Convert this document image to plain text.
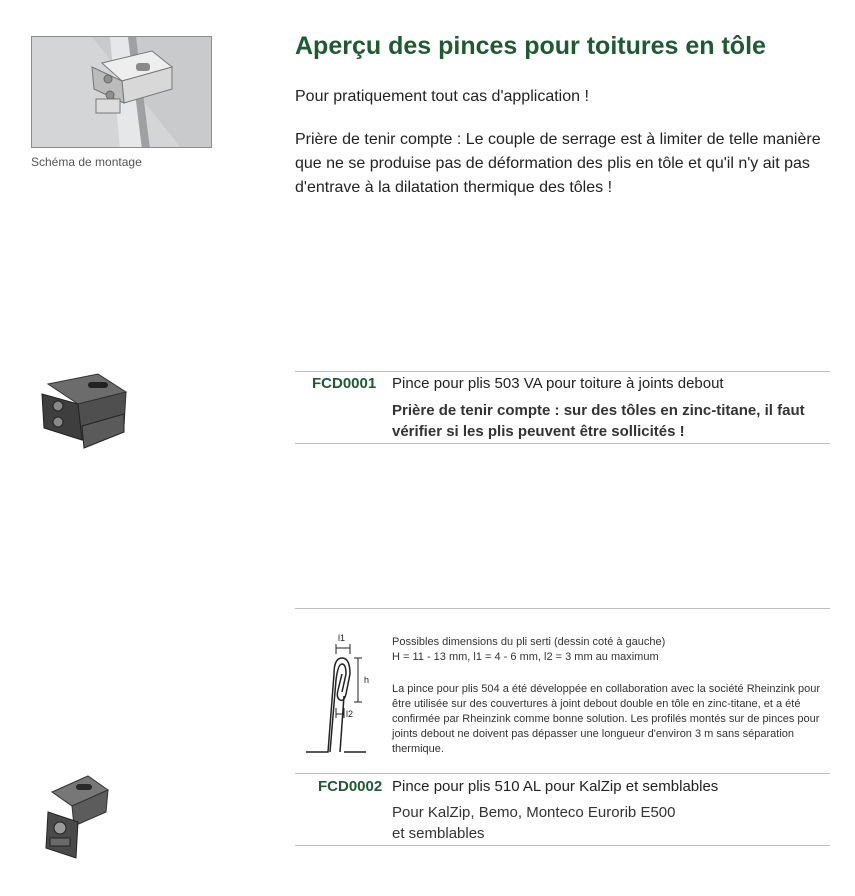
Schéma de montage
Aperçu des pinces pour toitures en tôle
Pour pratiquement tout cas d'application !
Prière de tenir compte : Le couple de serrage est à limiter de telle manière que ne se produise pas de déformation des plis en tôle et qu'il n'y ait pas d'entrave à la dilatation thermique des tôles !
FCD0001 Pince pour plis 503 VA pour toiture à joints debout
Prière de tenir compte : sur des tôles en zinc-titane, il faut vérifier si les plis peuvent être sollicités !
l1
h
l2
Possibles dimensions du pli serti (dessin coté à gauche)
H = 11 - 13 mm, l1 = 4 - 6 mm, l2 = 3 mm au maximum
La pince pour plis 504 a été développée en collaboration avec la société Rheinzink pour être utilisée sur des couvertures à joint debout double en tôle en zinc-titane, et a été confirmée par Rheinzink comme bonne solution. Les profilés montés sur de pinces pour joints debout ne doivent pas dépasser une longueur d'environ 3 m sans séparation thermique.
FCD0002 Pince pour plis 510 AL pour KalZip et semblables
Pour KalZip, Bemo, Monteco Eurorib E500 et semblables
